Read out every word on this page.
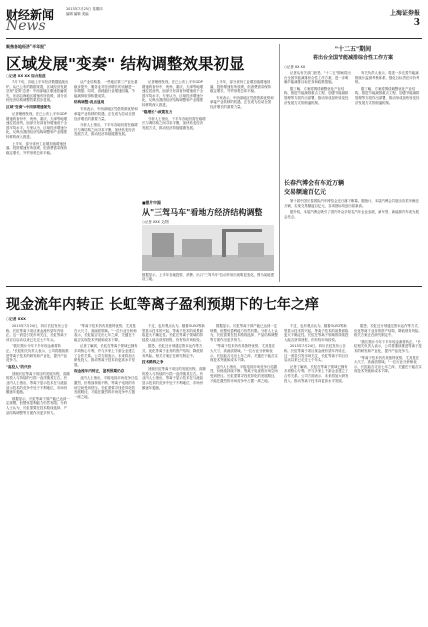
财经新闻
News
2013年7月25日 星期四
编辑 编辑 美编	上海证券报
3
聚焦各地经济"半年报"
区域发展"变奏" 结构调整效果初显
○记者 XX XX 综合报道
7月下旬，各地上半年经济数据陆续出炉。从已公布的数据来看，区域经济发展呈现"变奏"态势：中西部地区增速普遍领先，东部沿海地区增速有所放缓，部分省份经济结构调整效果初步显现。
区域"变奏":中西部增速领先
记者梳理发现，在已公布上半年GDP增速的省份中，贵州、重庆、天津等地增速位居前列，而部分东部省份增速低于全国平均水平。专家认为，区域经济增速分化，反映出我国经济结构调整和产业梯度转移的深入推进。
上半年，部分省份工业增加值增速回落，投资增速有所放缓，但消费需求保持稳定增长，外贸形势总体平稳。
从产业结构看，一些地区第三产业比重稳步提升，服务业对经济增长的贡献进一步增强；同时，高耗能行业增速回落，节能减排取得积极成效。
结构调整:亮点显现
专家表示，中西部地区凭借资源优势和承接产业转移的机遇，正在成为拉动全国经济增长的重要力量。
分析人士指出，下半年各地仍需在稳增长与调结构之间寻求平衡，加快转变经济发展方式，推动经济持续健康发展。
记者梳理发现，在已公布上半年GDP增速的省份中，贵州、重庆、天津等地增速位居前列，而部分东部省份增速低于全国平均水平。专家认为，区域经济增速分化，反映出我国经济结构调整和产业梯度转移的深入推进。
"稳增长":政策发力
分析人士指出，下半年各地仍需在稳增长与调结构之间寻求平衡，加快转变经济发展方式，推动经济持续健康发展。
上半年，部分省份工业增加值增速回落，投资增速有所放缓，但消费需求保持稳定增长，外贸形势总体平稳。
专家表示，中西部地区凭借资源优势和承接产业转移的机遇，正在成为拉动全国经济增长的重要力量。
■图片中国
从"三驾马车"看地方经济结构调整
○记者 XXX 文/图
数据显示，上半年各地投资、消费、出口"三驾马车"拉动作用出现明显变化。图为某地建设工地。
"十二五"期间
将出台全国节能减排综合性工作方案
○记者 XX XX
记者从有关部门获悉，"十二五"期间将出台全国节能减排综合性工作方案，进一步明确节能减排目标任务和政策措施。
据了解，方案将围绕调整优化产业结构、推进节能减排重点工程、加强节能减排管理等方面作出部署，推动形成加快转变经济发展方式的倒逼机制。
有关负责人表示，将进一步完善节能减排统计监测考核体系，强化目标责任评价考核。
据了解，方案将围绕调整优化产业结构、推进节能减排重点工程、加强节能减排管理等方面作出部署，推动形成加快转变经济发展方式的倒逼机制。
长春汽博会有车近万辆
交易额逾百亿元
第十届中国长春国际汽车博览会近日落下帷幕。据统计，本届汽博会共展出各类车辆近万辆，实现交易额逾百亿元，各项指标均创历届新高。
据介绍，本届汽博会吸引了国内外众多知名汽车企业参展，新车型、新能源汽车成为展会亮点。
现金流年内转正 长虹等离子盈利预期下的七年之痒
○记者 XXX
2013年7月24日，四川长虹发布公告称，长虹等离子项目现金流有望年内转正。这一消息引发市场关注，长虹等离子项目自启动以来已走过七个年头。
"我们预计今年下半年现金流将转正。"长虹相关负责人表示，公司将继续推进等离子技术的研发和产业化，提升产品竞争力。
"高投入"的代价
回顾长虹等离子项目的发展历程，高额的投入与持续的亏损一直伴随其左右。有业内人士指出，等离子显示技术在与液晶显示技术的竞争中处于不利地位，市场份额逐年萎缩。
数据显示，长虹等离子屏产能已达到一定规模，但整体盈利能力仍然有限。分析人士认为，长虹需要在技术路线选择、产品结构调整等方面作出更多努力。
"等离子技术仍有其独特优势，尤其是在大尺寸、高画质领域。"一位行业分析师表示，长虹能否走出七年之痒，关键在于能否实现技术突破和成本下降。
记者了解到，长虹在等离子领域已拥有多项核心专利，并与多家上下游企业建立了合作关系。公司方面表示，未来将加大研发投入，推动等离子技术向更高水平发展。
现金流年内转正，盈利预期仍存
业内人士指出，平板电视市场竞争日趋激烈，价格战持续不断，等离子电视的市场空间受到挤压。长虹需要寻找差异化的发展路径，才能在激烈的市场竞争中占据一席之地。
不过，也有观点认为，随着OLED等新型显示技术的兴起，等离子技术的前景面临更大不确定性。长虹在等离子领域的持续投入能否获得回报，仍有待市场检验。
据悉，长虹还计划通过资本运作等方式，优化等离子业务的资产结构，降低财务风险。相关方案正在研究制定中。
技术路线之争
回顾长虹等离子项目的发展历程，高额的投入与持续的亏损一直伴随其左右。有业内人士指出，等离子显示技术在与液晶显示技术的竞争中处于不利地位，市场份额逐年萎缩。
数据显示，长虹等离子屏产能已达到一定规模，但整体盈利能力仍然有限。分析人士认为，长虹需要在技术路线选择、产品结构调整等方面作出更多努力。
"等离子技术仍有其独特优势，尤其是在大尺寸、高画质领域。"一位行业分析师表示，长虹能否走出七年之痒，关键在于能否实现技术突破和成本下降。
业内人士指出，平板电视市场竞争日趋激烈，价格战持续不断，等离子电视的市场空间受到挤压。长虹需要寻找差异化的发展路径，才能在激烈的市场竞争中占据一席之地。
不过，也有观点认为，随着OLED等新型显示技术的兴起，等离子技术的前景面临更大不确定性。长虹在等离子领域的持续投入能否获得回报，仍有待市场检验。
2013年7月24日，四川长虹发布公告称，长虹等离子项目现金流有望年内转正。这一消息引发市场关注，长虹等离子项目自启动以来已走过七个年头。
记者了解到，长虹在等离子领域已拥有多项核心专利，并与多家上下游企业建立了合作关系。公司方面表示，未来将加大研发投入，推动等离子技术向更高水平发展。
据悉，长虹还计划通过资本运作等方式，优化等离子业务的资产结构，降低财务风险。相关方案正在研究制定中。
"我们预计今年下半年现金流将转正。"长虹相关负责人表示，公司将继续推进等离子技术的研发和产业化，提升产品竞争力。
"等离子技术仍有其独特优势，尤其是在大尺寸、高画质领域。"一位行业分析师表示，长虹能否走出七年之痒，关键在于能否实现技术突破和成本下降。
